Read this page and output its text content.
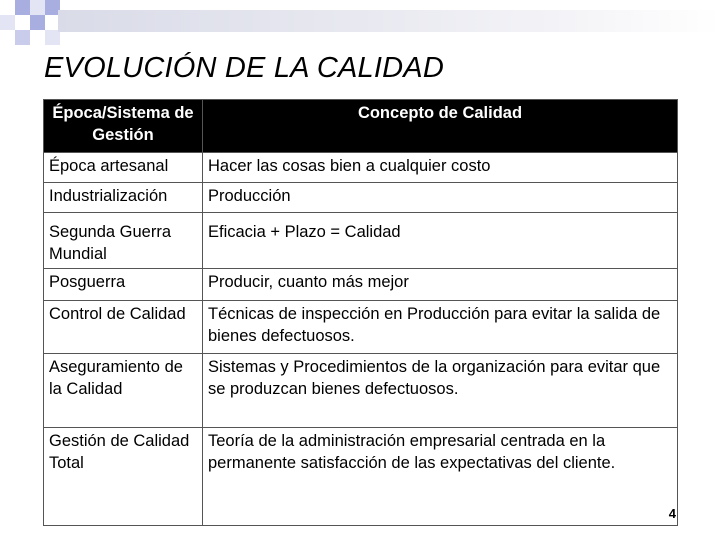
EVOLUCIÓN DE LA CALIDAD
Época/Sistema de Gestión	Concepto de Calidad
Época artesanal	Hacer las cosas bien a cualquier costo
Industrialización	Producción
Segunda Guerra Mundial	Eficacia + Plazo = Calidad
Posguerra	Producir, cuanto más mejor
Control de Calidad	Técnicas de inspección en Producción para evitar la salida de bienes defectuosos.
Aseguramiento de la Calidad	Sistemas y Procedimientos de la organización para evitar que se produzcan bienes defectuosos.
Gestión de Calidad Total	Teoría de la administración empresarial centrada en la permanente satisfacción de las expectativas del cliente.
4
